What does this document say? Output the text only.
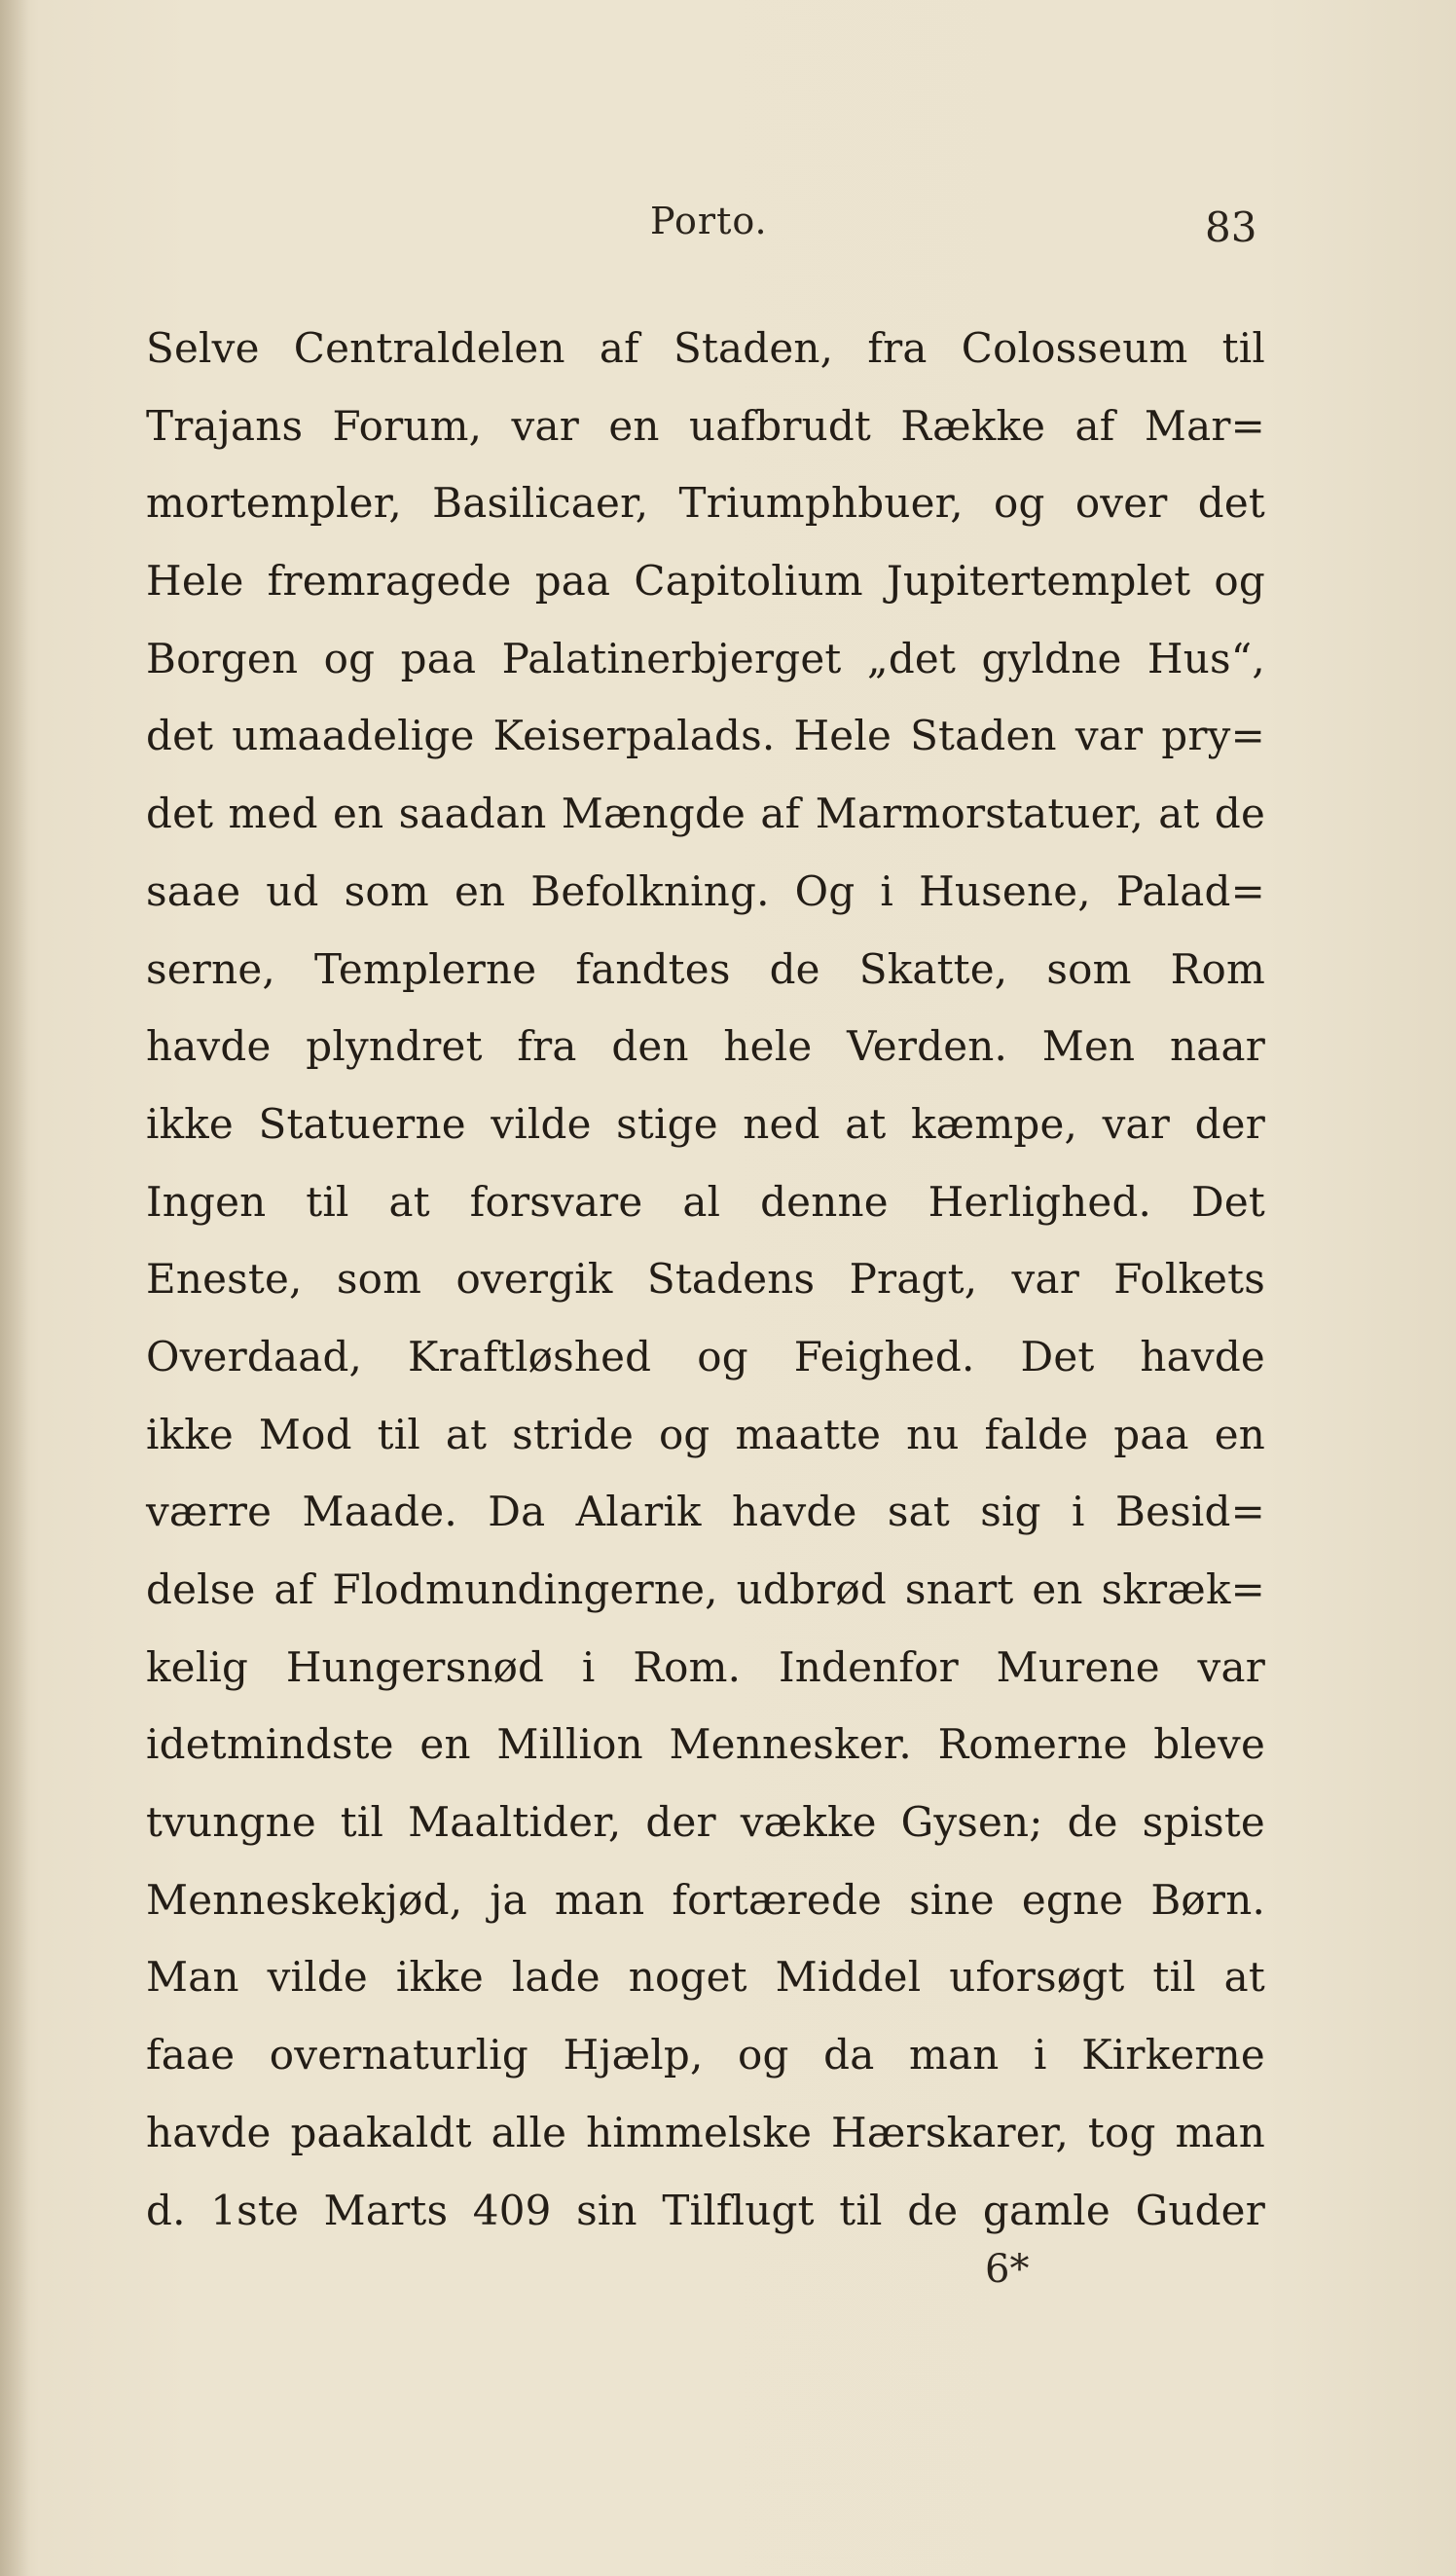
Porto.	83
Selve Centraldelen af Staden, fra Colosseum til
Trajans Forum, var en uafbrudt Række af Mar=
mortempler, Basilicaer, Triumphbuer, og over det
Hele fremragede paa Capitolium Jupitertemplet og
Borgen og paa Palatinerbjerget „det gyldne Hus“,
det umaadelige Keiserpalads. Hele Staden var pry=
det med en saadan Mængde af Marmorstatuer, at de
saae ud som en Befolkning. Og i Husene, Palad=
serne, Templerne fandtes de Skatte, som Rom
havde plyndret fra den hele Verden. Men naar
ikke Statuerne vilde stige ned at kæmpe, var der
Ingen til at forsvare al denne Herlighed. Det
Eneste, som overgik Stadens Pragt, var Folkets
Overdaad, Kraftløshed og Feighed. Det havde
ikke Mod til at stride og maatte nu falde paa en
værre Maade. Da Alarik havde sat sig i Besid=
delse af Flodmundingerne, udbrød snart en skræk=
kelig Hungersnød i Rom. Indenfor Murene var
idetmindste en Million Mennesker. Romerne bleve
tvungne til Maaltider, der vække Gysen; de spiste
Menneskekjød, ja man fortærede sine egne Børn.
Man vilde ikke lade noget Middel uforsøgt til at
faae overnaturlig Hjælp, og da man i Kirkerne
havde paakaldt alle himmelske Hærskarer, tog man
d. 1ste Marts 409 sin Tilflugt til de gamle Guder
6*
